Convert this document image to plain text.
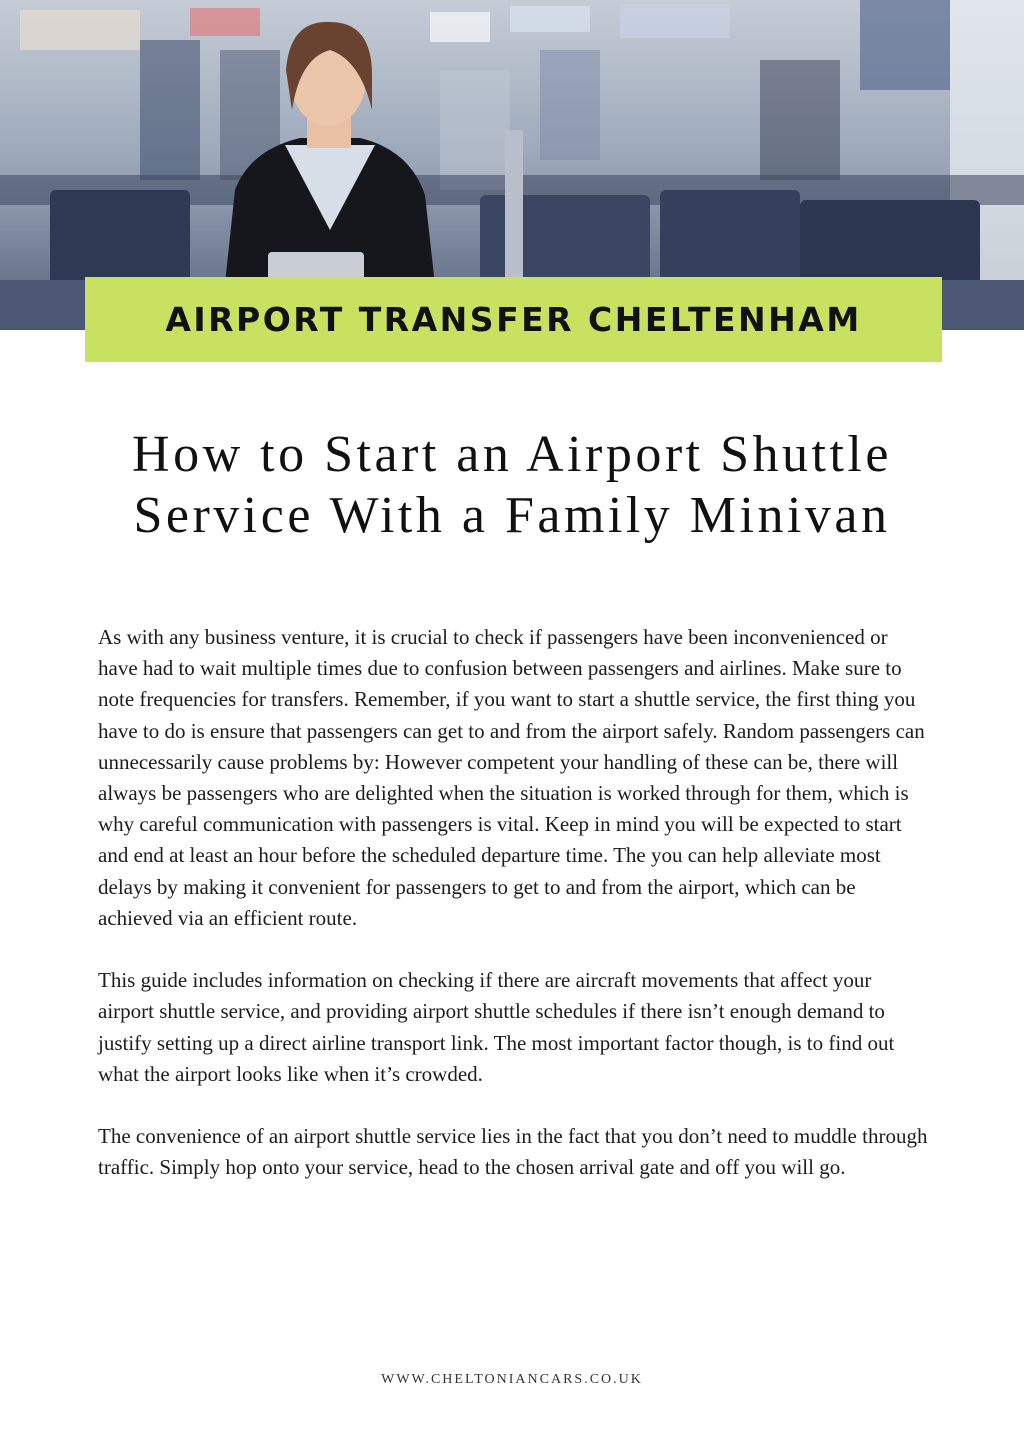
AIRPORT TRANSFER CHELTENHAM
How to Start an Airport Shuttle Service With a Family Minivan

As with any business venture, it is crucial to check if passengers have been inconvenienced or have had to wait multiple times due to confusion between passengers and airlines. Make sure to note frequencies for transfers. Remember, if you want to start a shuttle service, the first thing you have to do is ensure that passengers can get to and from the airport safely. Random passengers can unnecessarily cause problems by: However competent your handling of these can be, there will always be passengers who are delighted when the situation is worked through for them, which is why careful communication with passengers is vital. Keep in mind you will be expected to start and end at least an hour before the scheduled departure time. The you can help alleviate most delays by making it convenient for passengers to get to and from the airport, which can be achieved via an efficient route.

This guide includes information on checking if there are aircraft movements that affect your airport shuttle service, and providing airport shuttle schedules if there isn’t enough demand to justify setting up a direct airline transport link. The most important factor though, is to find out what the airport looks like when it’s crowded.

The convenience of an airport shuttle service lies in the fact that you don’t need to muddle through traffic. Simply hop onto your service, head to the chosen arrival gate and off you will go.

WWW.CHELTONIANCARS.CO.UK
